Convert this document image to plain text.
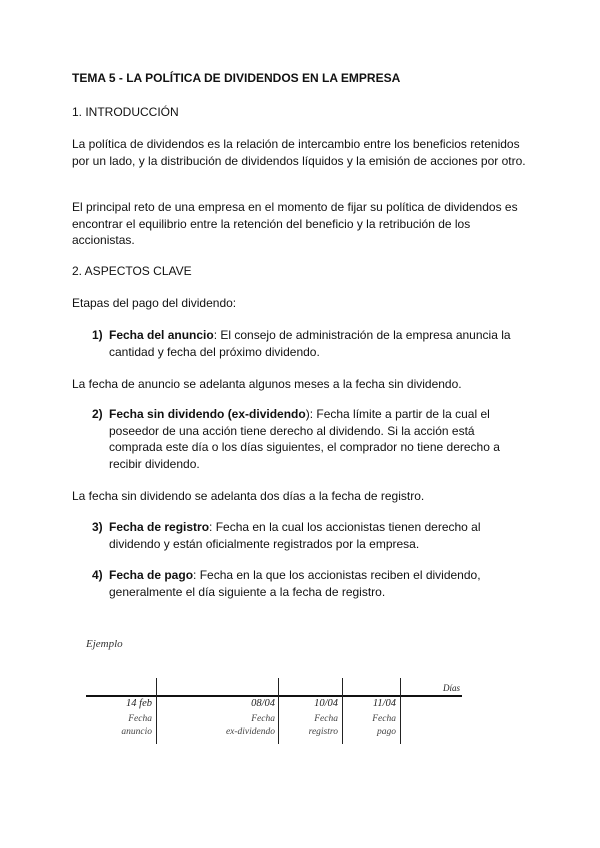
TEMA 5 - LA POLÍTICA DE DIVIDENDOS EN LA EMPRESA

1. INTRODUCCIÓN

La política de dividendos es la relación de intercambio entre los beneficios retenidos por un lado, y la distribución de dividendos líquidos y la emisión de acciones por otro.

El principal reto de una empresa en el momento de fijar su política de dividendos es encontrar el equilibrio entre la retención del beneficio y la retribución de los accionistas.

2. ASPECTOS CLAVE

Etapas del pago del dividendo:

1) Fecha del anuncio: El consejo de administración de la empresa anuncia la cantidad y fecha del próximo dividendo.

La fecha de anuncio se adelanta algunos meses a la fecha sin dividendo.

2) Fecha sin dividendo (ex-dividendo): Fecha límite a partir de la cual el poseedor de una acción tiene derecho al dividendo. Si la acción está comprada este día o los días siguientes, el comprador no tiene derecho a recibir dividendo.

La fecha sin dividendo se adelanta dos días a la fecha de registro.

3) Fecha de registro: Fecha en la cual los accionistas tienen derecho al dividendo y están oficialmente registrados por la empresa.
4) Fecha de pago: Fecha en la que los accionistas reciben el dividendo, generalmente el día siguiente a la fecha de registro.
Ejemplo
Días
14 feb
Fecha
anuncio
08/04
Fecha
ex-dividendo
10/04
Fecha
registro
11/04
Fecha
pago
